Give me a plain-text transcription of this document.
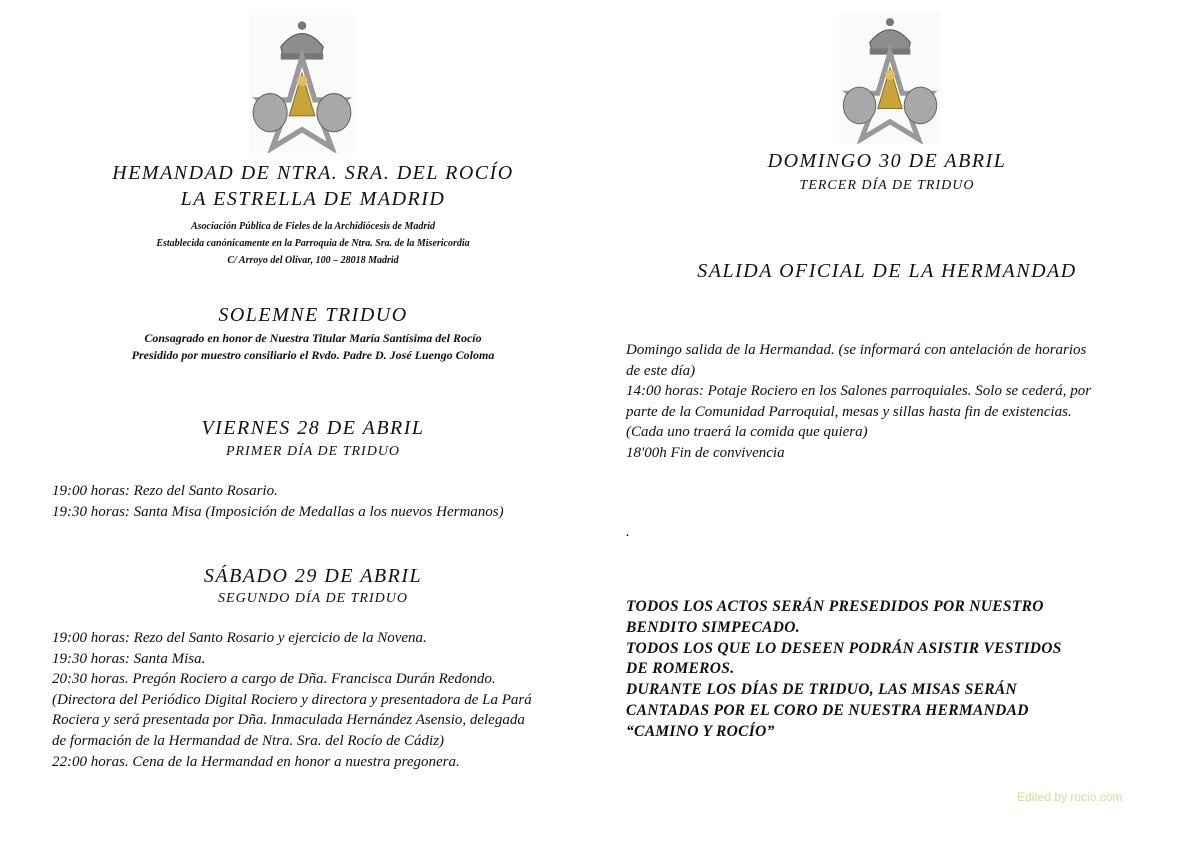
HEMANDAD DE NTRA. SRA. DEL ROCÍO
LA ESTRELLA DE MADRID
Asociación Pública de Fieles de la Archidiócesis de Madrid
Establecida canónicamente en la Parroquia de Ntra. Sra. de la Misericordia
C/ Arroyo del Olivar, 100 – 28018 Madrid
SOLEMNE TRIDUO
Consagrado en honor de Nuestra Titular María Santísima del Rocío
Presidido por muestro consiliario el Rvdo. Padre D. José Luengo Coloma
VIERNES 28 DE ABRIL
PRIMER DÍA DE TRIDUO
19:00 horas: Rezo del Santo Rosario.
19:30 horas: Santa Misa (Imposición de Medallas a los nuevos Hermanos)
SÁBADO 29 DE ABRIL
SEGUNDO DÍA DE TRIDUO
19:00 horas: Rezo del Santo Rosario y ejercicio de la Novena.
19:30 horas: Santa Misa.
20:30 horas. Pregón Rociero a cargo de Dña. Francisca Durán Redondo.
(Directora del Periódico Digital Rociero y directora y presentadora de La Pará
Rociera y será presentada por Dña. Inmaculada Hernández Asensio, delegada
de formación de la Hermandad de Ntra. Sra. del Rocío de Cádiz)
22:00 horas. Cena de la Hermandad en honor a nuestra pregonera.
DOMINGO 30 DE ABRIL
TERCER DÍA DE TRIDUO
SALIDA OFICIAL DE LA HERMANDAD
Domingo salida de la Hermandad. (se informará con antelación de horarios
de este día)
14:00 horas: Potaje Rociero en los Salones parroquiales. Solo se cederá, por
parte de la Comunidad Parroquial, mesas y sillas hasta fin de existencias.
(Cada uno traerá la comida que quiera)
18'00h Fin de convivencia
.
TODOS LOS ACTOS SERÁN PRESEDIDOS POR NUESTRO
BENDITO SIMPECADO.
TODOS LOS QUE LO DESEEN PODRÁN ASISTIR VESTIDOS
DE ROMEROS.
DURANTE LOS DÍAS DE TRIDUO, LAS MISAS SERÁN
CANTADAS POR EL CORO DE NUESTRA HERMANDAD
“CAMINO Y ROCÍO”
Edited by rocio.com
